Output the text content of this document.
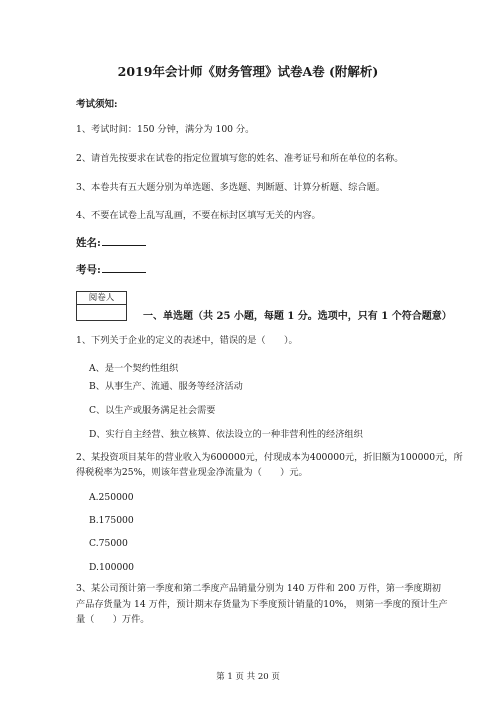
2019年会计师《财务管理》试卷A卷 (附解析)
考试须知:
1、考试时间：150 分钟，满分为 100 分。
2、请首先按要求在试卷的指定位置填写您的姓名、准考证号和所在单位的名称。
3、本卷共有五大题分别为单选题、多选题、判断题、计算分析题、综合题。
4、不要在试卷上乱写乱画，不要在标封区填写无关的内容。
姓名:
考号:
阅卷人
一、单选题（共 25 小题，每题 1 分。选项中，只有 1 个符合题意）
1、下列关于企业的定义的表述中，错误的是（　　）。
A、是一个契约性组织
B、从事生产、流通、服务等经济活动
C、以生产或服务满足社会需要
D、实行自主经营、独立核算、依法设立的一种非营利性的经济组织
2、某投资项目某年的营业收入为600000元，付现成本为400000元，折旧额为100000元，所
得税税率为25%，则该年营业现金净流量为（　　）元。
A.250000
B.175000
C.75000
D.100000
3、某公司预计第一季度和第二季度产品销量分别为 140 万件和 200 万件，第一季度期初
产品存货量为 14 万件，预计期末存货量为下季度预计销量的10%， 则第一季度的预计生产
量（　　）万件。
第 1 页 共 20 页
